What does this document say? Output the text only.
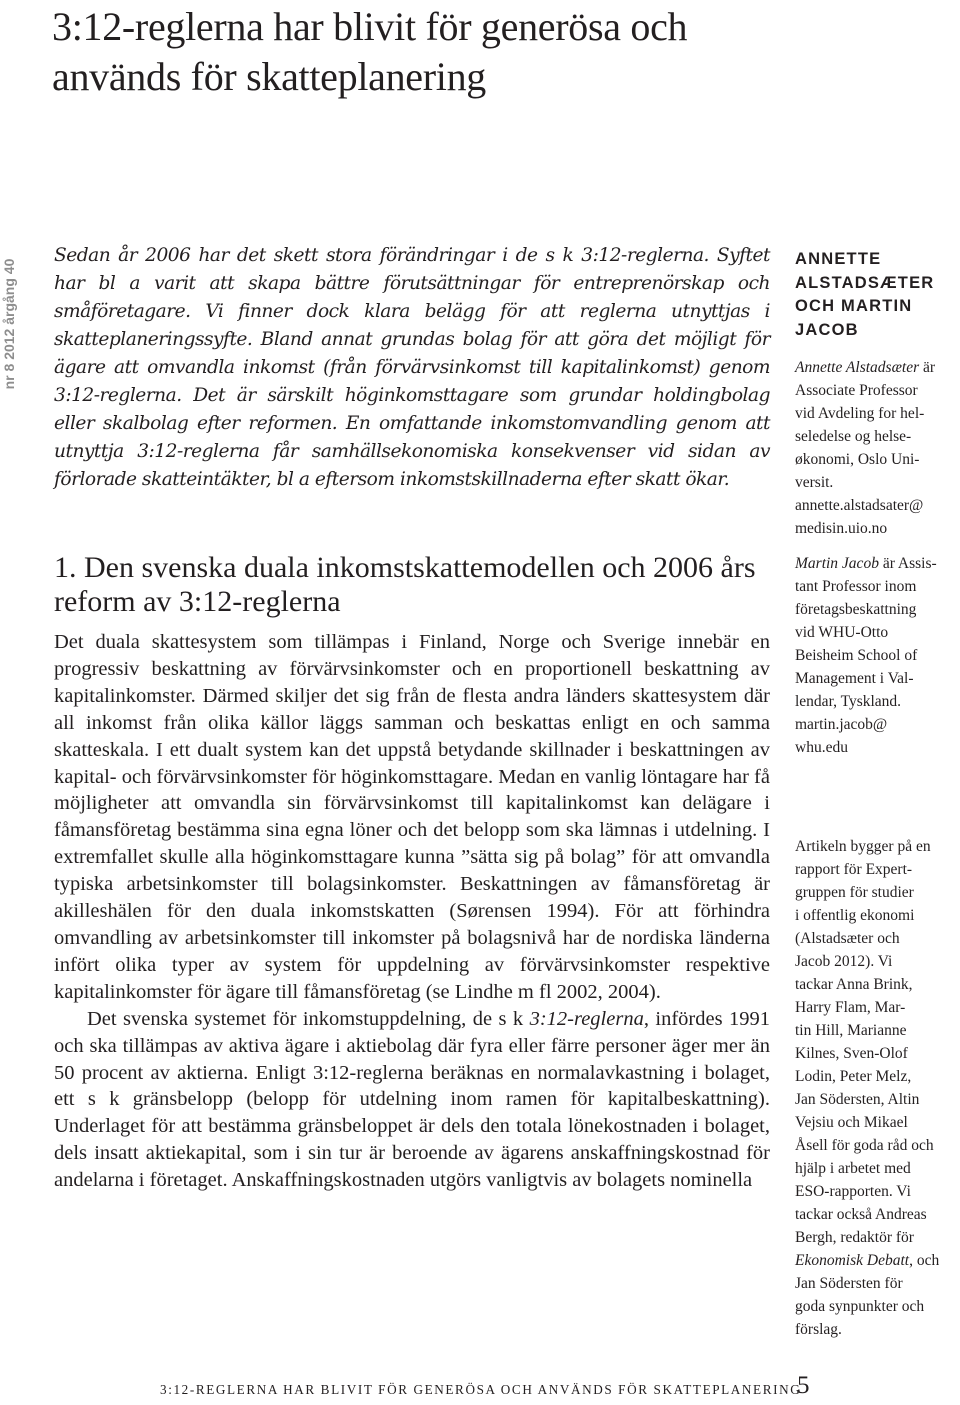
3:12-reglerna har blivit för generösa och används för skatteplanering
nr 8 2012 årgång 40

Sedan år 2006 har det skett stora förändringar i de s k 3:12-reglerna. Syftet har bl a varit att skapa bättre förutsättningar för entreprenörskap och småföretagare. Vi finner dock klara belägg för att reglerna utnyttjas i skatteplaneringssyfte. Bland annat grundas bolag för att göra det möjligt för ägare att omvandla inkomst (från förvärvsinkomst till kapitalinkomst) genom 3:12-reglerna. Det är särskilt höginkomsttagare som grundar holdingbolag eller skalbolag efter reformen. En omfattande inkomstomvandling genom att utnyttja 3:12-reglerna får samhällsekonomiska konsekvenser vid sidan av förlorade skatteintäkter, bl a eftersom inkomstskillnaderna efter skatt ökar.

1. Den svenska duala inkomstskattemodellen och 2006 års reform av 3:12-reglerna

Det duala skattesystem som tillämpas i Finland, Norge och Sverige innebär en progressiv beskattning av förvärvsinkomster och en proportionell beskattning av kapitalinkomster. Därmed skiljer det sig från de flesta andra länders skattesystem där all inkomst från olika källor läggs samman och beskattas enligt en och samma skatteskala. I ett dualt system kan det uppstå betydande skillnader i beskattningen av kapital- och förvärvsinkomster för höginkomsttagare. Medan en vanlig löntagare har få möjligheter att omvandla sin förvärvsinkomst till kapitalinkomst kan delägare i fåmansföretag bestämma sina egna löner och det belopp som ska lämnas i utdelning. I extremfallet skulle alla höginkomsttagare kunna ”sätta sig på bolag” för att omvandla typiska arbetsinkomster till bolagsinkomster. Beskattningen av fåmansföretag är akilleshälen för den duala inkomstskatten (Sørensen 1994). För att förhindra omvandling av arbetsinkomster till inkomster på bolagsnivå har de nordiska länderna infört olika typer av system för uppdelning av förvärvsinkomster respektive kapitalinkomster för ägare till fåmansföretag (se Lindhe m fl 2002, 2004).

Det svenska systemet för inkomstuppdelning, de s k 3:12-reglerna, infördes 1991 och ska tillämpas av aktiva ägare i aktiebolag där fyra eller färre personer äger mer än 50 procent av aktierna. Enligt 3:12-reglerna beräknas en normalavkastning i bolaget, ett s k gränsbelopp (belopp för utdelning inom ramen för kapitalbeskattning). Underlaget för att bestämma gränsbeloppet är dels den totala lönekostnaden i bolaget, dels insatt aktiekapital, som i sin tur är beroende av ägarens anskaffningskostnad för andelarna i företaget. Anskaffningskostnaden utgörs vanligtvis av bolagets nominella

ANNETTE ALSTADSÆTER OCH MARTIN JACOB
Annette Alstadsæter är
Associate Professor
vid Avdeling for hel-
seledelse og helse-
økonomi, Oslo Uni-
versit.
annette.alstadsater@
medisin.uio.no
Martin Jacob är Assis-
tant Professor inom
företagsbeskattning
vid WHU-Otto
Beisheim School of
Management i Val-
lendar, Tyskland.
martin.jacob@
whu.edu
Artikeln bygger på en
rapport för Expert-
gruppen för studier
i offentlig ekonomi
(Alstadsæter och
Jacob 2012). Vi
tackar Anna Brink,
Harry Flam, Mar-
tin Hill, Marianne
Kilnes, Sven-Olof
Lodin, Peter Melz,
Jan Södersten, Altin
Vejsiu och Mikael
Åsell för goda råd och
hjälp i arbetet med
ESO-rapporten. Vi
tackar också Andreas
Bergh, redaktör för
Ekonomisk Debatt, och
Jan Södersten för
goda synpunkter och
förslag.
3:12-REGLERNA HAR BLIVIT FÖR GENERÖSA OCH ANVÄNDS FÖR SKATTEPLANERING
5
